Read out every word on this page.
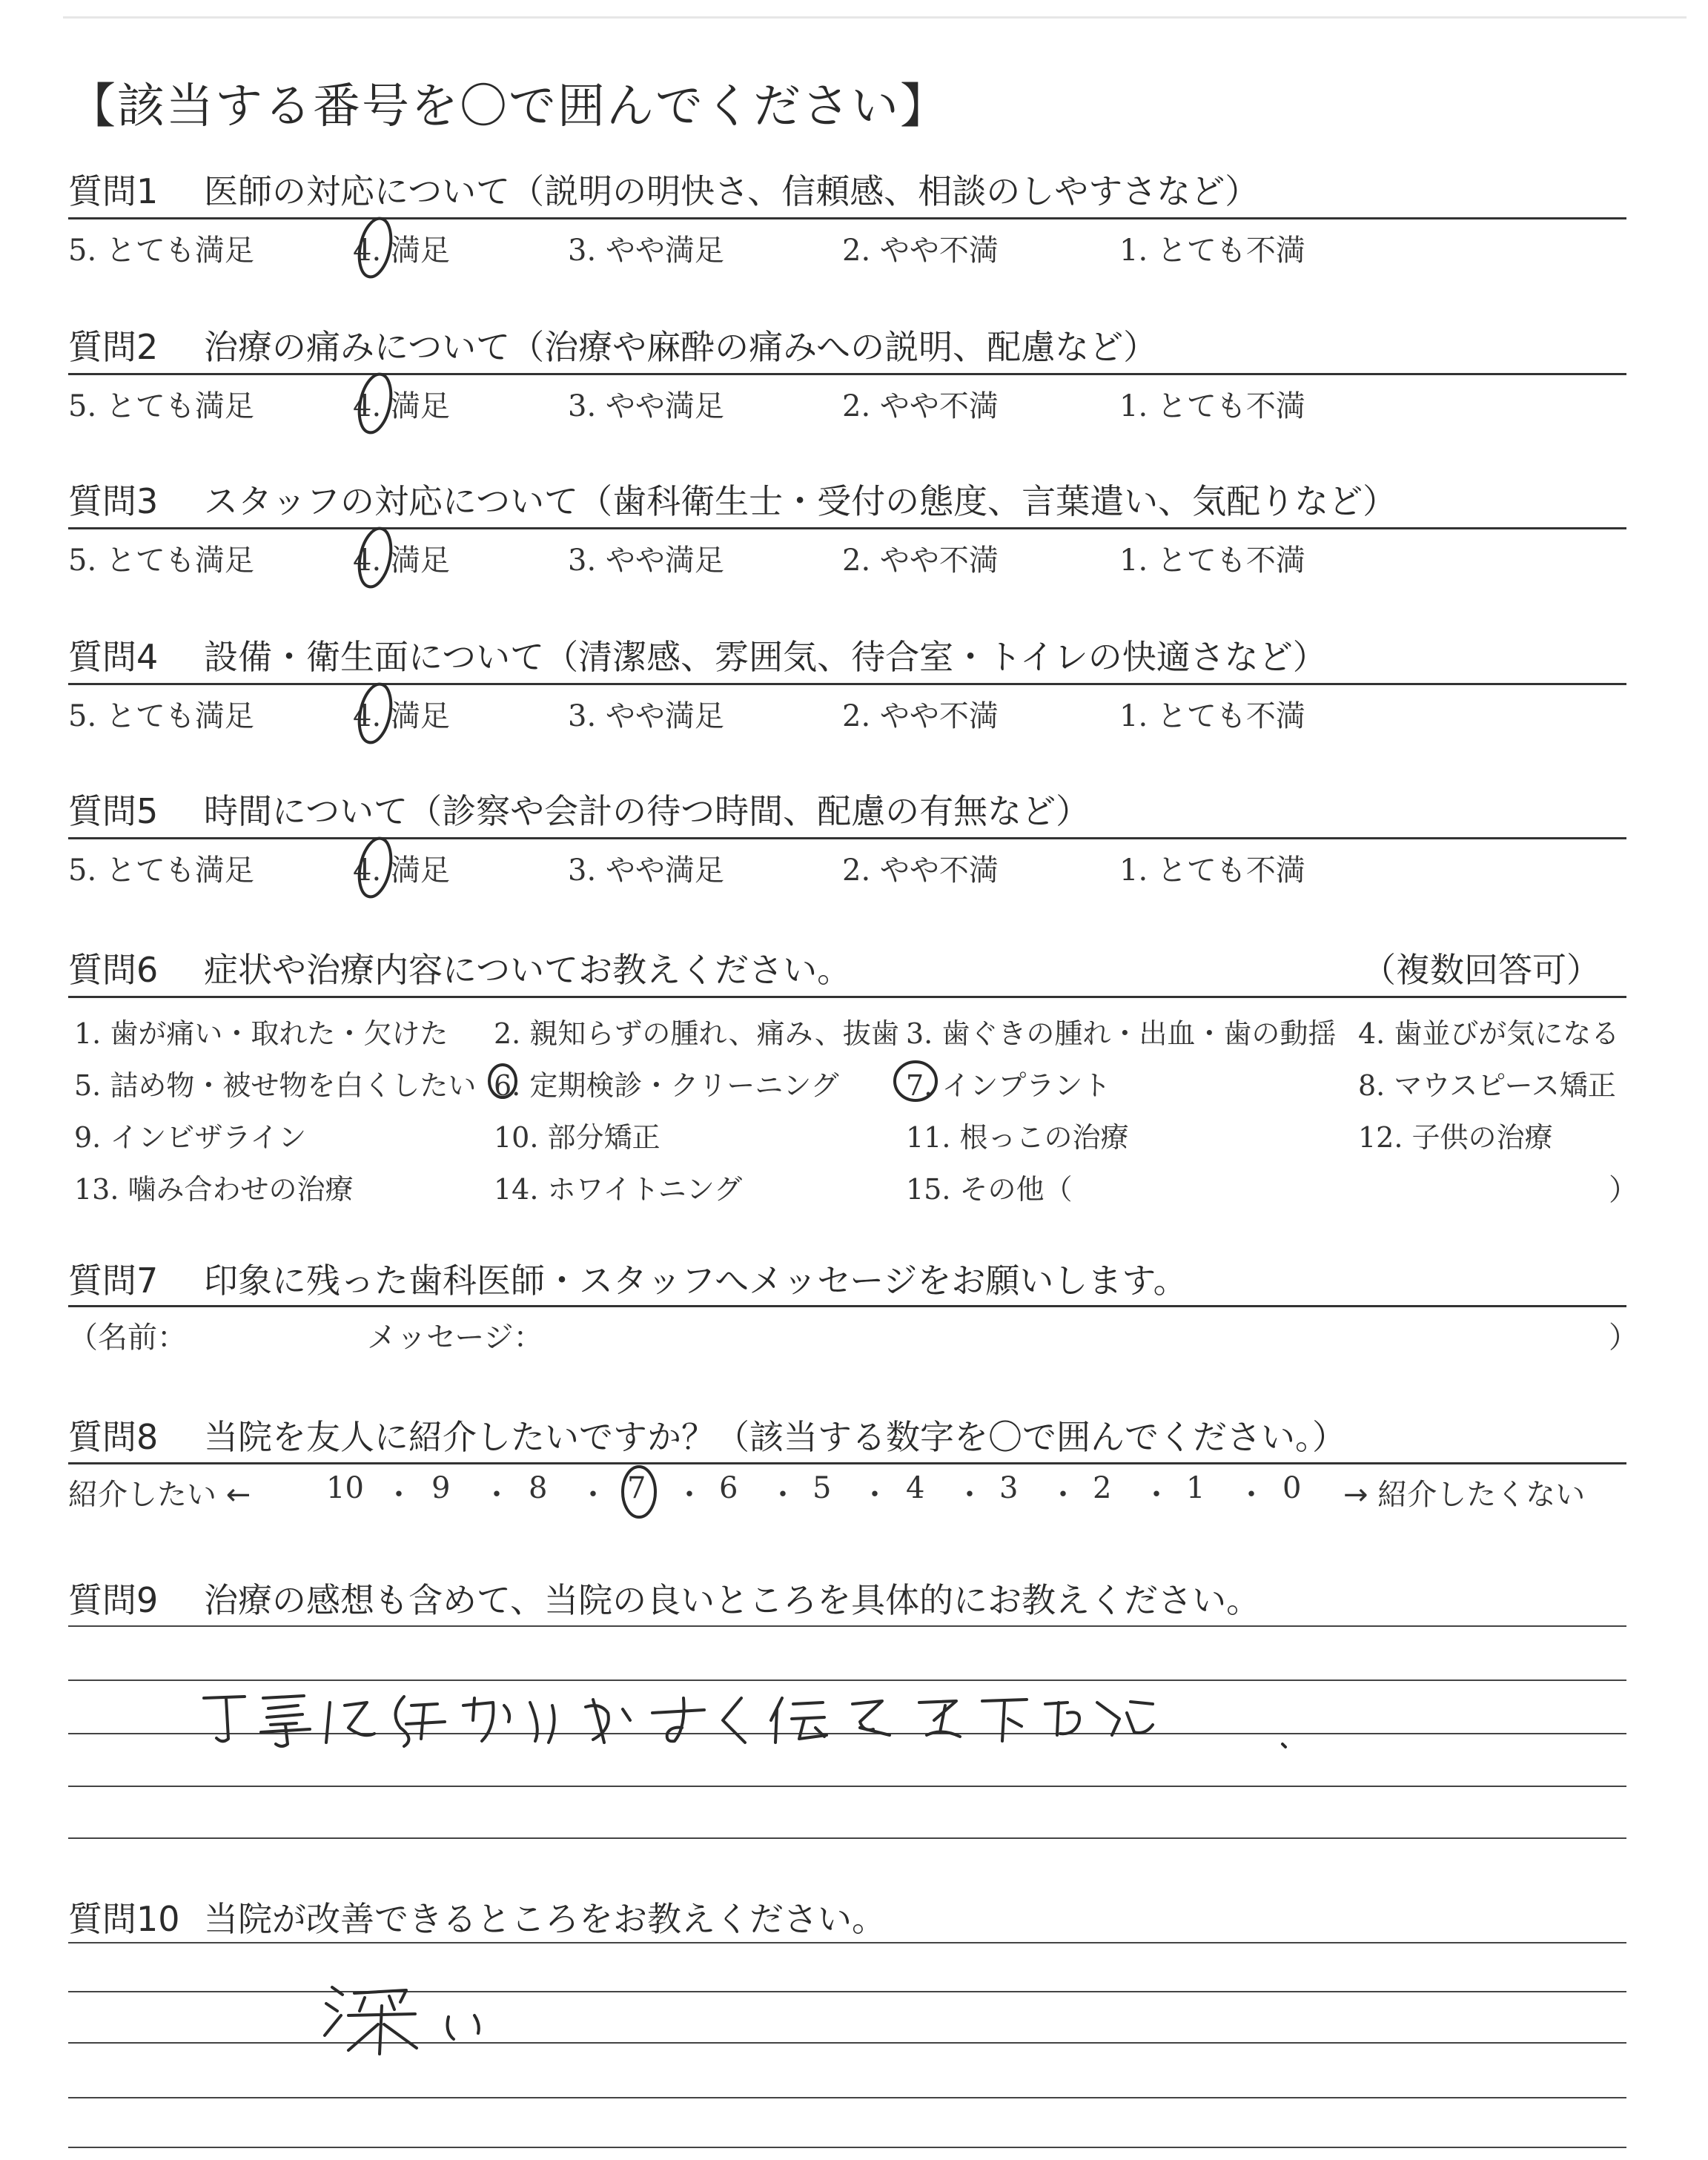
【該当する番号を〇で囲んでください】
質問1 医師の対応について（説明の明快さ、信頼感、相談のしやすさなど）
5. とても満足	4. 満足	3. やや満足	2. やや不満	1. とても不満
質問2 治療の痛みについて（治療や麻酔の痛みへの説明、配慮など）
5. とても満足	4. 満足	3. やや満足	2. やや不満	1. とても不満
質問3 スタッフの対応について（歯科衛生士・受付の態度、言葉遣い、気配りなど）
5. とても満足	4. 満足	3. やや満足	2. やや不満	1. とても不満
質問4 設備・衛生面について（清潔感、雰囲気、待合室・トイレの快適さなど）
5. とても満足	4. 満足	3. やや満足	2. やや不満	1. とても不満
質問5 時間について（診察や会計の待つ時間、配慮の有無など）
5. とても満足	4. 満足	3. やや満足	2. やや不満	1. とても不満
質問6 症状や治療内容についてお教えください。	（複数回答可）
1. 歯が痛い・取れた・欠けた 2. 親知らずの腫れ、痛み、抜歯 3. 歯ぐきの腫れ・出血・歯の動揺 4. 歯並びが気になる
5. 詰め物・被せ物を白くしたい 6. 定期検診・クリーニング 7. インプラント	8. マウスピース矯正
9. インビザライン	10. 部分矯正	11. 根っこの治療	12. 子供の治療
13. 噛み合わせの治療	14. ホワイトニング	15. その他（	）
質問7 印象に残った歯科医師・スタッフへメッセージをお願いします。
（名前：	メッセージ：	）
質問8 当院を友人に紹介したいですか？（該当する数字を〇で囲んでください。）
紹介したい ←	10 9	8	7 6	5	4	3	2	1	0
・ ・ ・ ・ ・ ・ ・ ・ ・ ・	→ 紹介したくない
質問9 治療の感想も含めて、当院の良いところを具体的にお教えください。
質問10 当院が改善できるところをお教えください。
